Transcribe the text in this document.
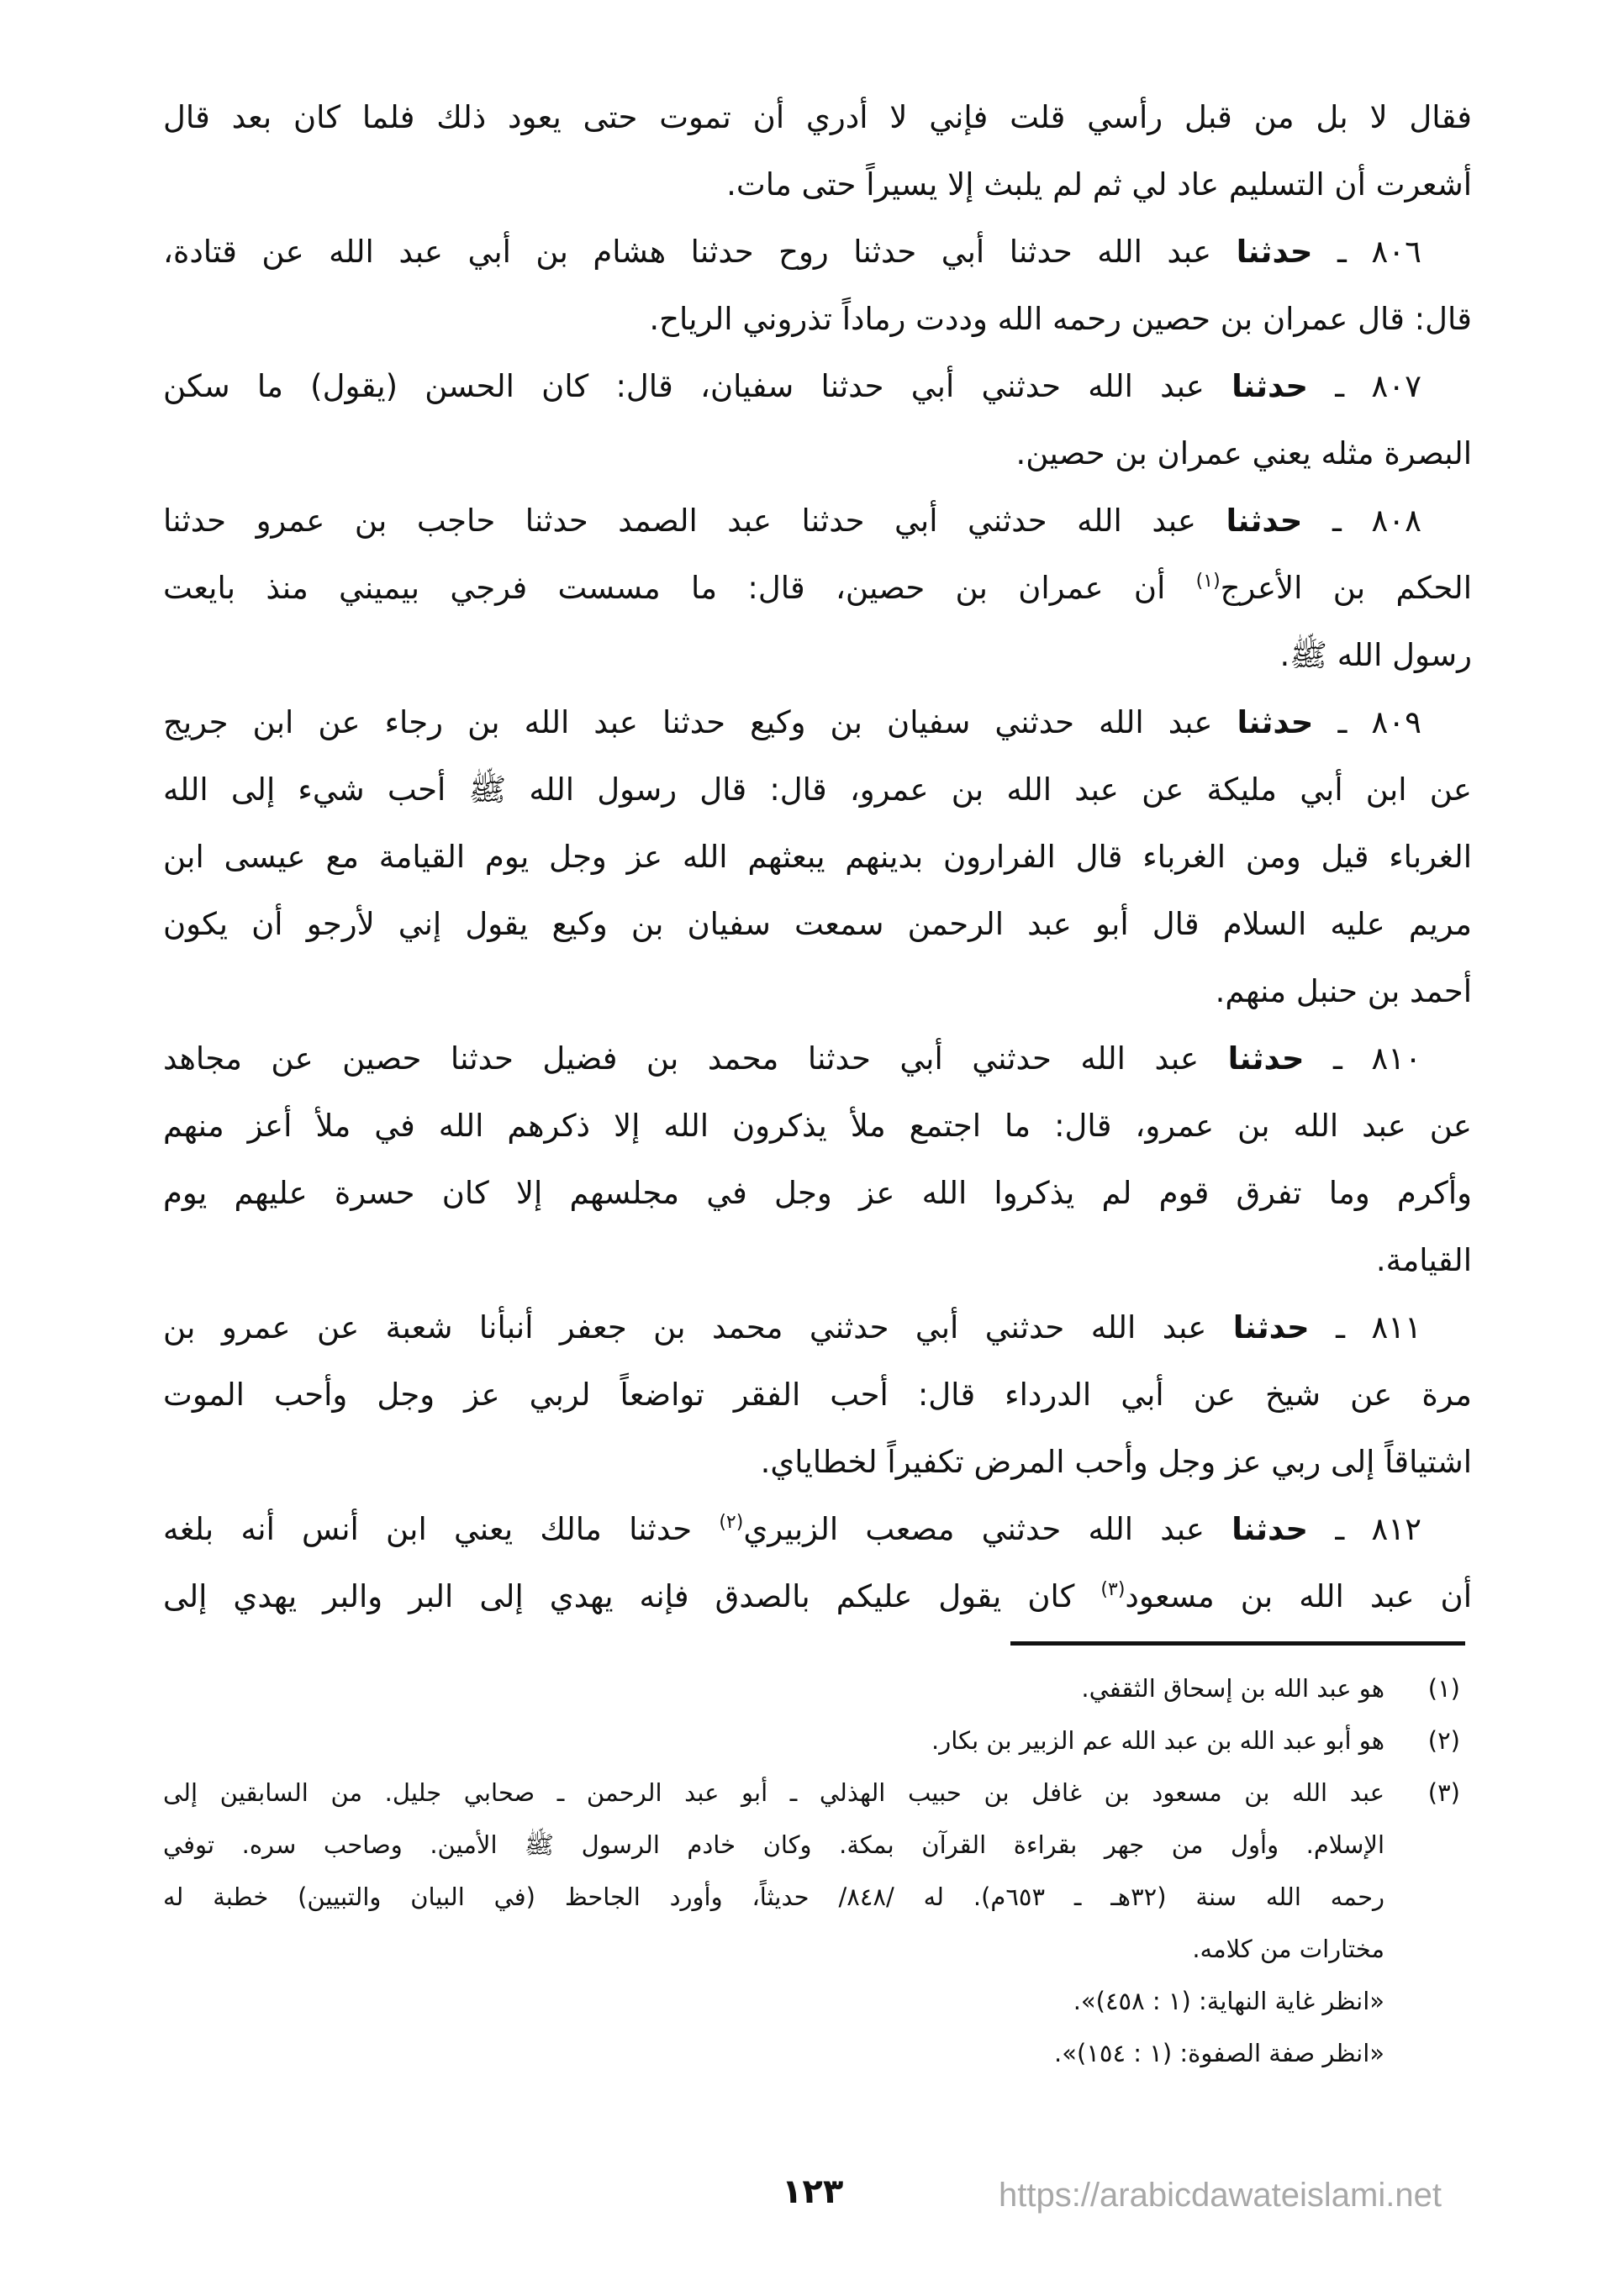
فقال لا بل من قبل رأسي قلت فإني لا أدري أن تموت حتى يعود ذلك فلما كان بعد قال
أشعرت أن التسليم عاد لي ثم لم يلبث إلا يسيراً حتى مات.
٨٠٦ ـ حدثنا عبد الله حدثنا أبي حدثنا روح حدثنا هشام بن أبي عبد الله عن قتادة،
قال: قال عمران بن حصين رحمه الله وددت رماداً تذروني الرياح.
٨٠٧ ـ حدثنا عبد الله حدثني أبي حدثنا سفيان، قال: كان الحسن (يقول) ما سكن
البصرة مثله يعني عمران بن حصين.
٨٠٨ ـ حدثنا عبد الله حدثني أبي حدثنا عبد الصمد حدثنا حاجب بن عمرو حدثنا
الحكم بن الأعرج$^{(١)}$ أن عمران بن حصين، قال: ما مسست فرجي بيميني منذ بايعت
رسول الله ﷺ.
٨٠٩ ـ حدثنا عبد الله حدثني سفيان بن وكيع حدثنا عبد الله بن رجاء عن ابن جريج
عن ابن أبي مليكة عن عبد الله بن عمرو، قال: قال رسول الله ﷺ أحب شيء إلى الله
الغرباء قيل ومن الغرباء قال الفرارون بدينهم يبعثهم الله عز وجل يوم القيامة مع عيسى ابن
مريم عليه السلام قال أبو عبد الرحمن سمعت سفيان بن وكيع يقول إني لأرجو أن يكون
أحمد بن حنبل منهم.
٨١٠ ـ حدثنا عبد الله حدثني أبي حدثنا محمد بن فضيل حدثنا حصين عن مجاهد
عن عبد الله بن عمرو، قال: ما اجتمع ملأ يذكرون الله إلا ذكرهم الله في ملأ أعز منهم
وأكرم وما تفرق قوم لم يذكروا الله عز وجل في مجلسهم إلا كان حسرة عليهم يوم
القيامة.
٨١١ ـ حدثنا عبد الله حدثني أبي حدثني محمد بن جعفر أنبأنا شعبة عن عمرو بن
مرة عن شيخ عن أبي الدرداء قال: أحب الفقر تواضعاً لربي عز وجل وأحب الموت
اشتياقاً إلى ربي عز وجل وأحب المرض تكفيراً لخطاياي.
٨١٢ ـ حدثنا عبد الله حدثني مصعب الزبيري$^{(٢)}$ حدثنا مالك يعني ابن أنس أنه بلغه
أن عبد الله بن مسعود$^{(٣)}$ كان يقول عليكم بالصدق فإنه يهدي إلى البر والبر يهدي إلى
(١)
هو عبد الله بن إسحاق الثقفي.
(٢)
هو أبو عبد الله بن عبد الله عم الزبير بن بكار.
(٣)
عبد الله بن مسعود بن غافل بن حبيب الهذلي ـ أبو عبد الرحمن ـ صحابي جليل. من السابقين إلى
الإسلام. وأول من جهر بقراءة القرآن بمكة. وكان خادم الرسول ﷺ الأمين. وصاحب سره. توفي
رحمه الله سنة (٣٢هـ ـ ٦٥٣م). له /٨٤٨/ حديثاً، وأورد الجاحظ (في البيان والتبيين) خطبة له
مختارات من كلامه.
«انظر غاية النهاية: (١ : ٤٥٨)».
«انظر صفة الصفوة: (١ : ١٥٤)».
١٢٣	https://arabicdawateislami.net
